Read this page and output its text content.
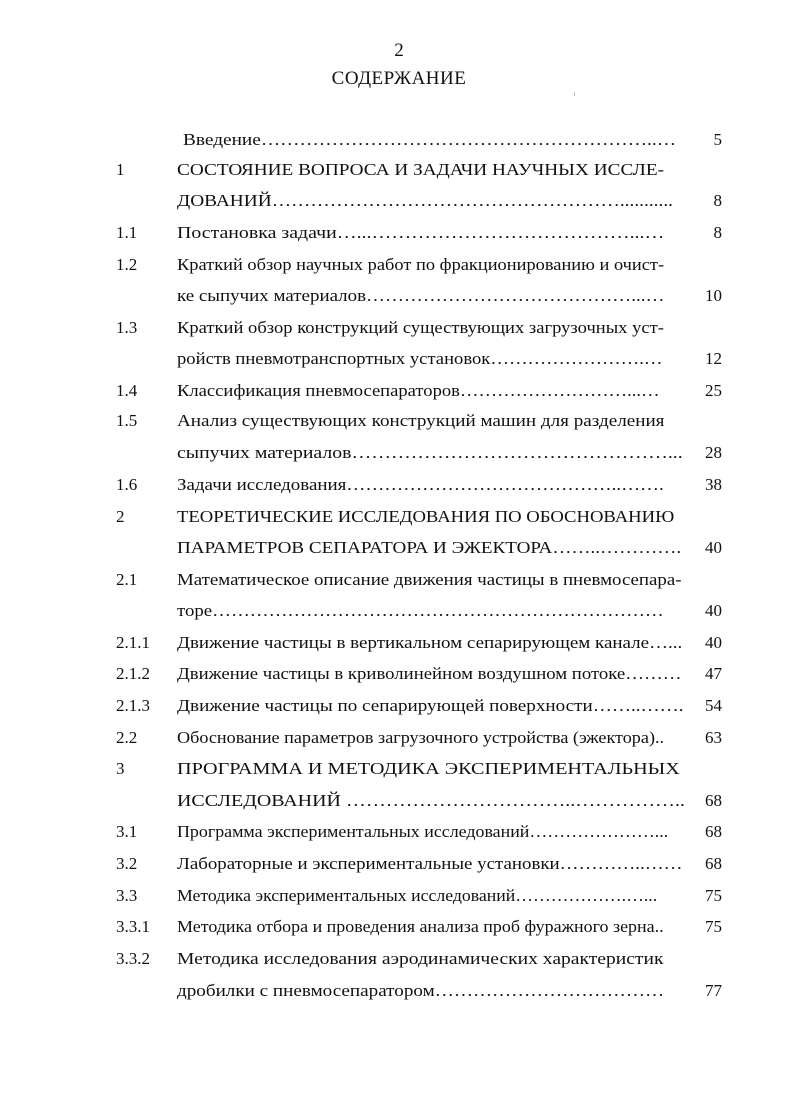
2
СОДЕРЖАНИЕ
Введение……………………………………………………..… 5
1	СОСТОЯНИЕ ВОПРОСА И ЗАДАЧИ НАУЧНЫХ ИССЛЕ-
ДОВАНИЙ………………………………………………........... 8
1.1 Постановка задачи…...…………………………………...…	8
1.2 Краткий обзор научных работ по фракционированию и очист-
ке сыпучих материалов……………………………………...… 10
1.3 Краткий обзор конструкций существующих загрузочных уст-
ройств пневмотранспортных установок…………………….…	12
1.4 Классификация пневмосепараторов………………………...…	25
1.5 Анализ существующих конструкций машин для разделения
сыпучих материалов…………………………………………... 28
1.6 Задачи исследования……………………………………..……. 38
2	ТЕОРЕТИЧЕСКИЕ ИССЛЕДОВАНИЯ ПО ОБОСНОВАНИЮ
ПАРАМЕТРОВ СЕПАРАТОРА И ЭЖЕКТОРА……..…………. 40
2.1 Математическое описание движения частицы в пневмосепара-
торе……………………………………………………………… 40
2.1.1 Движение частицы в вертикальном сепарирующем канале…... 40
2.1.2 Движение частицы в криволинейном воздушном потоке……… 47
2.1.3 Движение частицы по сепарирующей поверхности……..……. 54
2.2 Обоснование параметров загрузочного устройства (эжектора).. 63
3	ПРОГРАММА И МЕТОДИКА ЭКСПЕРИМЕНТАЛЬНЫХ
ИССЛЕДОВАНИЙ ……………………………..…………….. 68
3.1 Программа экспериментальных исследований…………………... 68
3.2 Лабораторные и экспериментальные установки…………..…… 68
3.3 Методика экспериментальных исследований……………….…...	75
3.3.1 Методика отбора и проведения анализа проб фуражного зерна.. 75
3.3.2 Методика исследования аэродинамических характеристик
дробилки с пневмосепаратором……………………………… 77
